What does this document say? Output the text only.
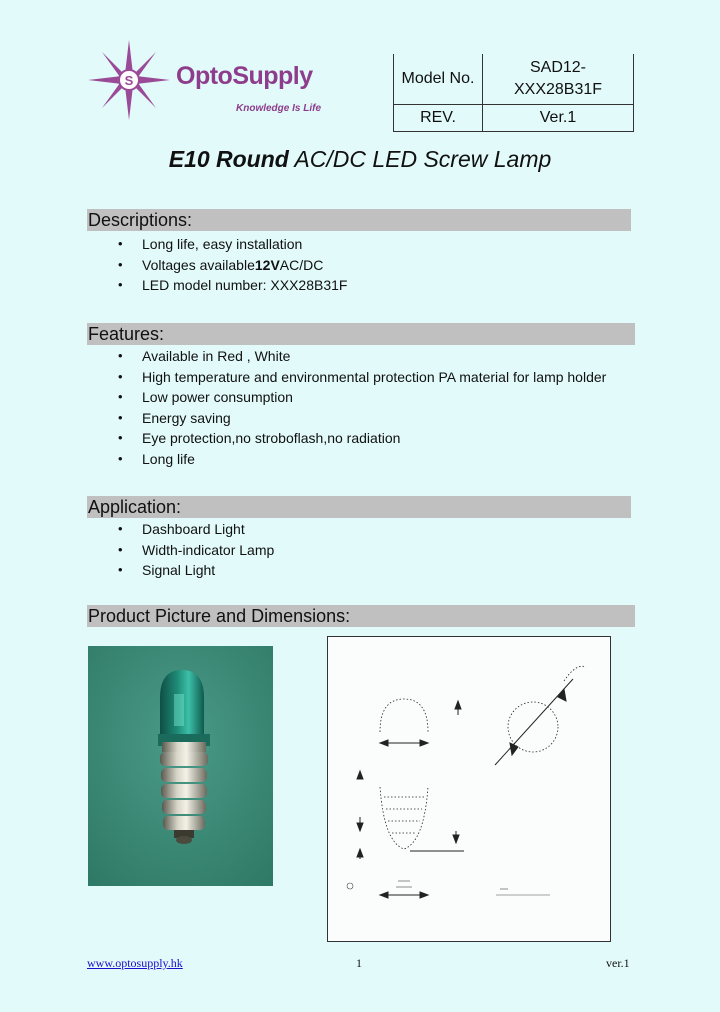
S OptoSupply
Knowledge Is Life
Model No.	SAD12-
XXX28B31F

REV.	Ver.1
E10 Round AC/DC LED Screw Lamp
Descriptions:
• Long life, easy installation
• Voltages available12VAC/DC
• LED model number: XXX28B31F
Features:
• Available in Red , White
• High temperature and environmental protection PA material for lamp holder
• Low power consumption
• Energy saving
• Eye protection,no stroboflash,no radiation
• Long life
Application:
• Dashboard Light
• Width-indicator Lamp
• Signal Light
Product Picture and Dimensions:
www.optosupply.hk	1	ver.1
